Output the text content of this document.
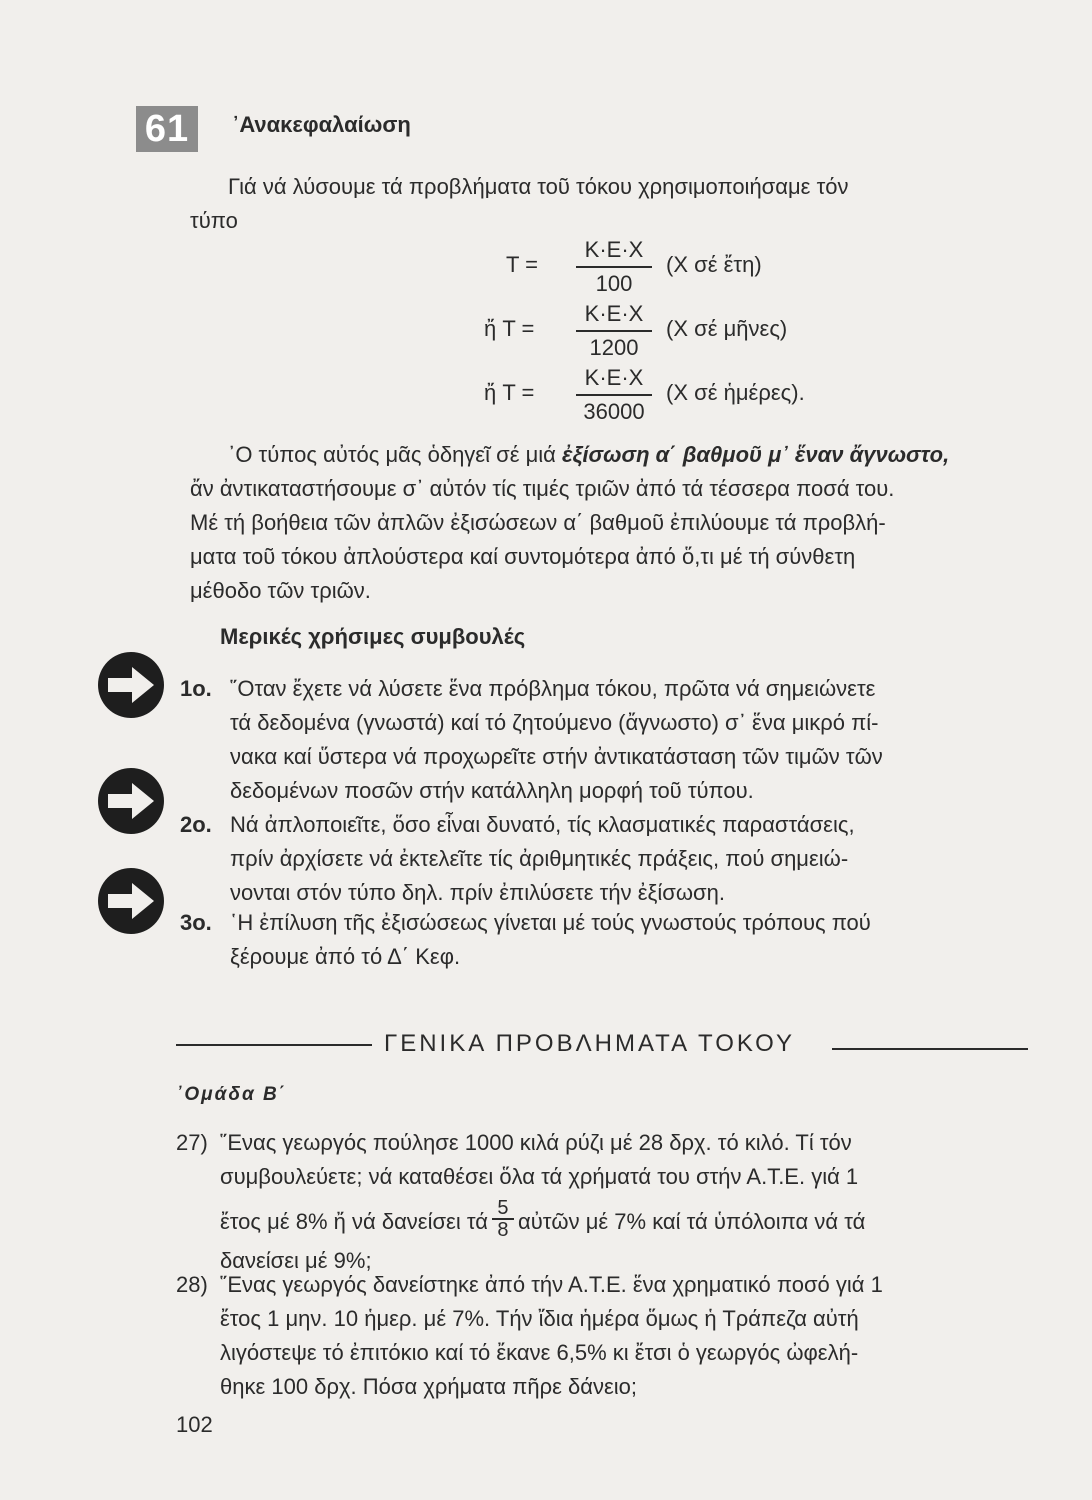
61	᾿Ανακεφαλαίωση
Γιά νά λύσουμε τά προβλήματα τοῦ τόκου χρησιμοποιήσαμε τόν
τύπο
T =
K·E·X
100
(X σέ ἔτη)
ἤ T =
K·E·X
1200
(X σέ μῆνες)
ἤ T =
K·E·X
36000
(X σέ ἡμέρες).
᾿Ο τύπος αὐτός μᾶς ὁδηγεῖ σέ μιά ἐξίσωση α΄ βαθμοῦ μ᾿ ἕναν ἄγνωστο,
ἄν ἀντικαταστήσουμε σ᾿ αὐτόν τίς τιμές τριῶν ἀπό τά τέσσερα ποσά του.
Μέ τή βοήθεια τῶν ἀπλῶν ἐξισώσεων α΄ βαθμοῦ ἐπιλύουμε τά προβλή-
ματα τοῦ τόκου ἀπλούστερα καί συντομότερα ἀπό ὅ,τι μέ τή σύνθετη
μέθοδο τῶν τριῶν.
Μερικές χρήσιμες συμβουλές
1ο. ῞Οταν ἔχετε νά λύσετε ἕνα πρόβλημα τόκου, πρῶτα νά σημειώνετε
τά δεδομένα (γνωστά) καί τό ζητούμενο (ἄγνωστο) σ᾿ ἕνα μικρό πί-
νακα καί ὕστερα νά προχωρεῖτε στήν ἀντικατάσταση τῶν τιμῶν τῶν
δεδομένων ποσῶν στήν κατάλληλη μορφή τοῦ τύπου.
2ο. Νά ἀπλοποιεῖτε, ὅσο εἶναι δυνατό, τίς κλασματικές παραστάσεις,
πρίν ἀρχίσετε νά ἐκτελεῖτε τίς ἀριθμητικές πράξεις, πού σημειώ-
νονται στόν τύπο δηλ. πρίν ἐπιλύσετε τήν ἐξίσωση.
3ο. ῾Η ἐπίλυση τῆς ἐξισώσεως γίνεται μέ τούς γνωστούς τρόπους πού
ξέρουμε ἀπό τό Δ΄ Κεφ.
ΓΕΝΙΚΑ ΠΡΟΒΛΗΜΑΤΑ ΤΟΚΟΥ
᾿Ομάδα Β΄
27) ῞Ενας γεωργός πούλησε 1000 κιλά ρύζι μέ 28 δρχ. τό κιλό. Τί τόν
συμβουλεύετε; νά καταθέσει ὅλα τά χρήματά του στήν Α.Τ.Ε. γιά 1
ἔτος μέ 8% ἤ νά δανείσει τά $\frac{5}{8}$ αὐτῶν μέ 7% καί τά ὑπόλοιπα νά τά
δανείσει μέ 9%;
28) ῞Ενας γεωργός δανείστηκε ἀπό τήν Α.Τ.Ε. ἕνα χρηματικό ποσό γιά 1
ἔτος 1 μην. 10 ἡμερ. μέ 7%. Τήν ἴδια ἡμέρα ὅμως ἡ Τράπεζα αὐτή
λιγόστεψε τό ἐπιτόκιο καί τό ἔκανε 6,5% κι ἔτσι ὁ γεωργός ὠφελή-
θηκε 100 δρχ. Πόσα χρήματα πῆρε δάνειο;
102
